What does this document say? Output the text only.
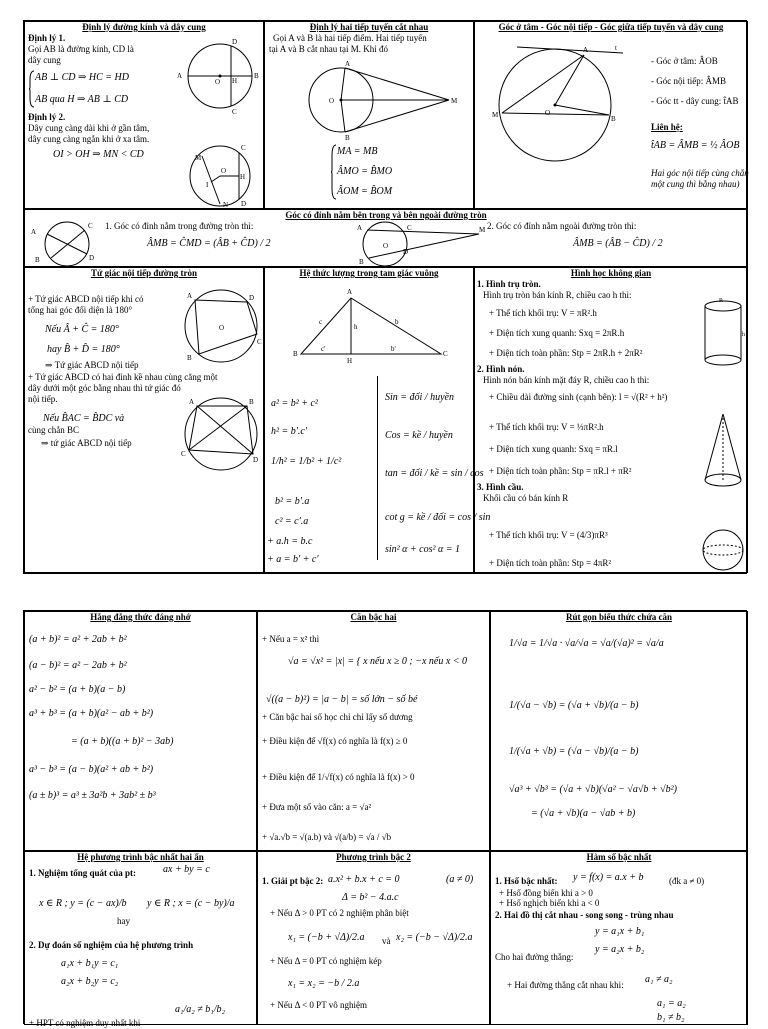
Định lý đường kính và dây cung
Định lý 1.
Gọi AB là đường kính, CD là
dây cung
AB ⊥ CD ⇒ HC = HD
AB qua H ⇒ AB ⊥ CD
Định lý 2.
Dây cung càng dài khi ở gần tâm,
dây cung càng ngắn khi ở xa tâm.
OI > OH ⇒ MN < CD
A	B
D
C
O H
C
D
M
N
O
H
I
Định lý hai tiếp tuyến cắt nhau
Gọi A và B là hai tiếp điểm. Hai tiếp tuyến
tại A và B cắt nhau tại M. Khi đó
O
A
B
M
MA = MB
ÂMO = B̂MO
ÂOM = B̂OM
Góc ở tâm - Góc nội tiếp - Góc giữa tiếp tuyến và dây cung
M
A
B
O
t
- Góc ở tâm: ÂOB
- Góc nội tiếp: ÂMB
- Góc tt - dây cung: t̂AB
Liên hệ:
t̂AB = ÂMB = ½ ÂOB
Hai góc nội tiếp cùng chắn
một cung thì bằng nhau)
Góc có đỉnh nằm bên trong và bên ngoài đường tròn
A
B
C
D
1. Góc có đỉnh nằm trong đường tròn thì:
ÂMB = ĈMD = (ÂB + ĈD) / 2
A
B
C
D
M
O
2. Góc có đỉnh nằm ngoài đường tròn thì:
ÂMB = (ÂB − ĈD) / 2
Tứ giác nội tiếp đường tròn
+ Tứ giác ABCD nội tiếp khi có
tổng hai góc đối diện là 180°
Nếu Â + Ĉ = 180°
hay B̂ + D̂ = 180°
⇒ Tứ giác ABCD nội tiếp
+ Tứ giác ABCD có hai đỉnh kề nhau cùng căng một
dây dưới một góc bằng nhau thì tứ giác đó
nội tiếp.
Nếu B̂AC = B̂DC và
cùng chắn BC
⇒ tứ giác ABCD nội tiếp
A	D
B
C
O
A	B
C
D
Hệ thức lượng trong tam giác vuông
B
A
C
H
c	b
h
c'	b'
a² = b² + c²
h² = b'.c'
1/h² = 1/b² + 1/c²
b² = b'.a
c² = c'.a
+ a.h = b.c
+ a = b' + c'
Sin = đối / huyền
Cos = kề / huyền
tan = đối / kề = sin / cos
cot g = kề / đối = cos / sin
sin² α + cos² α = 1
Hình học không gian
1. Hình trụ tròn.
Hình trụ tròn bán kính R, chiều cao h thì:
+ Thể tích khối trụ: V = πR².h
+ Diện tích xung quanh: Sxq = 2πR.h
+ Diện tích toàn phần: Stp = 2πR.h + 2πR²
2. Hình nón.
Hình nón bán kính mặt đáy R, chiều cao h thì:
+ Chiều dài đường sinh (cạnh bên): l = √(R² + h²)
+ Thể tích khối trụ: V = ⅓πR².h
+ Diện tích xung quanh: Sxq = πR.l
+ Diện tích toàn phần: Stp = πR.l + πR²
3. Hình cầu.
Khối cầu có bán kính R
+ Thể tích khối trụ: V = (4/3)πR³
+ Diện tích toàn phần: Stp = 4πR²
R
h
Hằng đẳng thức đáng nhớ
(a + b)² = a² + 2ab + b²
(a − b)² = a² − 2ab + b²
a² − b² = (a + b)(a − b)
a³ + b³ = (a + b)(a² − ab + b²)
= (a + b)((a + b)² − 3ab)
a³ − b³ = (a − b)(a² + ab + b²)
(a ± b)³ = a³ ± 3a²b + 3ab² ± b³
Căn bậc hai
+ Nếu a = x² thì
√a = √x² = |x| = { x nếu x ≥ 0 ; −x nếu x < 0
√((a − b)²) = |a − b| = số lớn − số bé
+ Căn bậc hai số học chỉ chỉ lấy số dương
+ Điều kiện để √f(x) có nghĩa là f(x) ≥ 0
+ Điều kiện để 1/√f(x) có nghĩa là f(x) > 0
+ Đưa một số vào căn: a = √a²
+ √a.√b = √(a.b) và √(a/b) = √a / √b
Rút gọn biểu thức chứa căn
1/√a = 1/√a · √a/√a = √a/(√a)² = √a/a
1/(√a − √b) = (√a + √b)/(a − b)
1/(√a + √b) = (√a − √b)/(a − b)
√a³ + √b³ = (√a + √b)(√a² − √a√b + √b²)
= (√a + √b)(a − √ab + b)
Hệ phương trình bậc nhất hai ẩn
1. Nghiệm tổng quát của pt:	ax + by = c
x ∈ R ; y = (c − ax)/b
hay
y ∈ R ; x = (c − by)/a
2. Dự đoán số nghiệm của hệ phương trình
a₁x + b₁y = c₁
a₂x + b₂y = c₂
a₁/a₂ ≠ b₁/b₂
+ HPT có nghiệm duy nhất khi
Phương trình bậc 2
1. Giải pt bậc 2: a.x² + b.x + c = 0	(a ≠ 0)
Δ = b² − 4.a.c
+ Nếu Δ > 0 PT có 2 nghiệm phân biệt
x₁ = (−b + √Δ)/2.a và x₂ = (−b − √Δ)/2.a
+ Nếu Δ = 0 PT có nghiệm kép
x₁ = x₂ = −b / 2.a
+ Nếu Δ < 0 PT vô nghiệm
Hàm số bậc nhất
1. Hsố bậc nhất: y = f(x) = a.x + b	(đk a ≠ 0)
+ Hsố đồng biến khi a > 0
+ Hsố nghịch biến khi a < 0
2. Hai đồ thị cắt nhau - song song - trùng nhau
y = a₁x + b₁
y = a₂x + b₂
Cho hai đường thẳng:
+ Hai đường thẳng cắt nhau khi: a₁ ≠ a₂
a₁ = a₂
b₁ ≠ b₂
